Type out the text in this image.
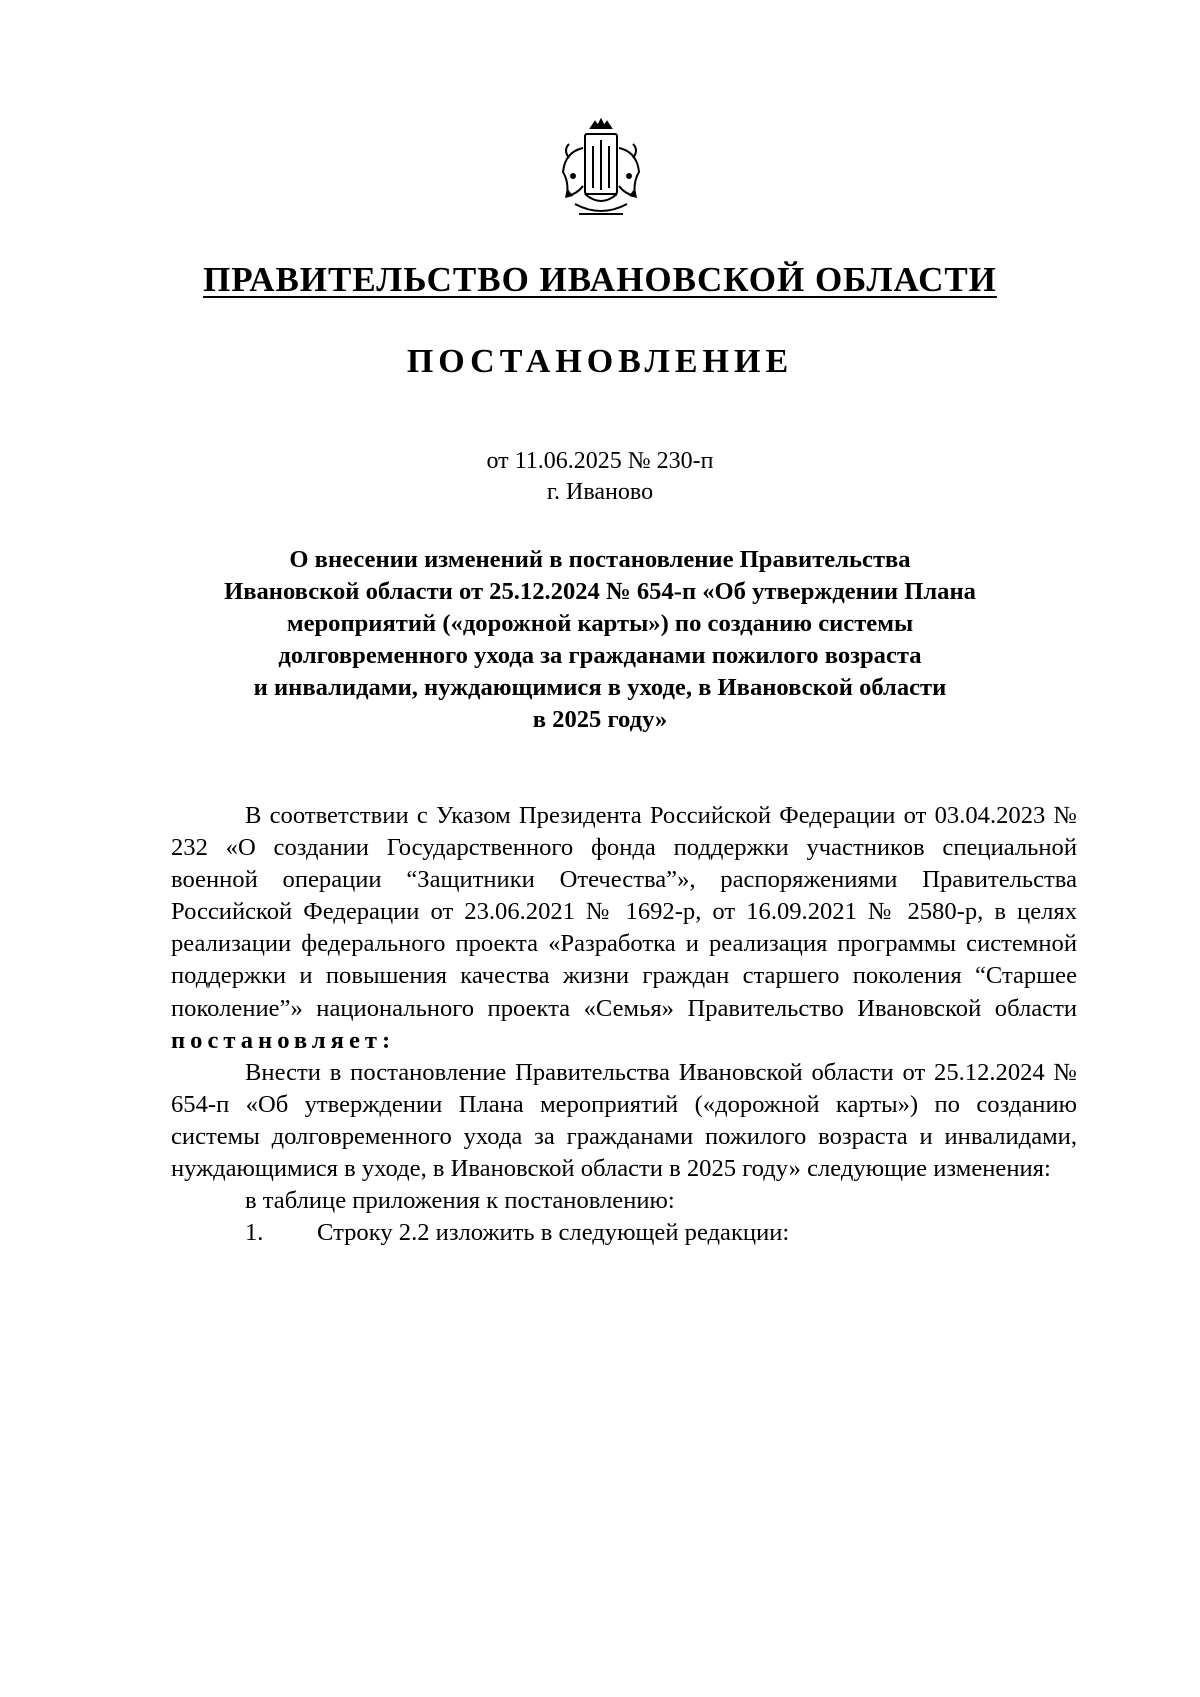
ПРАВИТЕЛЬСТВО ИВАНОВСКОЙ ОБЛАСТИ
ПОСТАНОВЛЕНИЕ
от 11.06.2025 № 230-п
г. Иваново
О внесении изменений в постановление Правительства
Ивановской области от 25.12.2024 № 654-п «Об утверждении Плана
мероприятий («дорожной карты») по созданию системы
долговременного ухода за гражданами пожилого возраста
и инвалидами, нуждающимися в уходе, в Ивановской области
в 2025 году»

В соответствии с Указом Президента Российской Федерации от 03.04.2023 № 232 «О создании Государственного фонда поддержки участников специальной военной операции “Защитники Отечества”», распоряжениями Правительства Российской Федерации от 23.06.2021 № 1692-р, от 16.09.2021 № 2580-р, в целях реализации федерального проекта «Разработка и реализация программы системной поддержки и повышения качества жизни граждан старшего поколения “Старшее поколение”» национального проекта «Семья» Правительство Ивановской области постановляет:

Внести в постановление Правительства Ивановской области от 25.12.2024 № 654-п «Об утверждении Плана мероприятий («дорожной карты») по созданию системы долговременного ухода за гражданами пожилого возраста и инвалидами, нуждающимися в уходе, в Ивановской области в 2025 году» следующие изменения:

в таблице приложения к постановлению:

1. Строку 2.2 изложить в следующей редакции:
